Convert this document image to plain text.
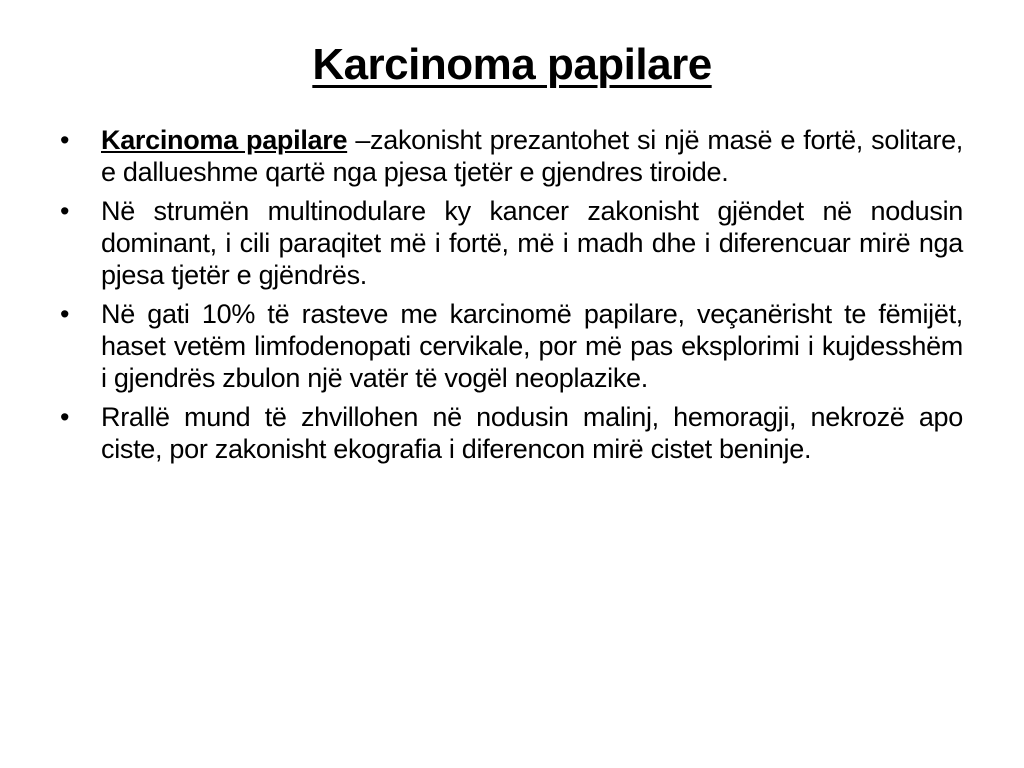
Karcinoma papilare
• Karcinoma papilare –zakonisht prezantohet si një masë e fortë, solitare, e dallueshme qartë nga pjesa tjetër e gjendres tiroide.
• Në strumën multinodulare ky kancer zakonisht gjëndet në nodusin dominant, i cili paraqitet më i fortë, më i madh dhe i diferencuar mirë nga pjesa tjetër e gjëndrës.
• Në gati 10% të rasteve me karcinomë papilare, veçanërisht te fëmijët, haset vetëm limfodenopati cervikale, por më pas eksplorimi i kujdesshëm i gjendrës zbulon një vatër të vogël neoplazike.
• Rrallë mund të zhvillohen në nodusin malinj, hemoragji, nekrozë apo ciste, por zakonisht ekografia i diferencon mirë cistet beninje.
